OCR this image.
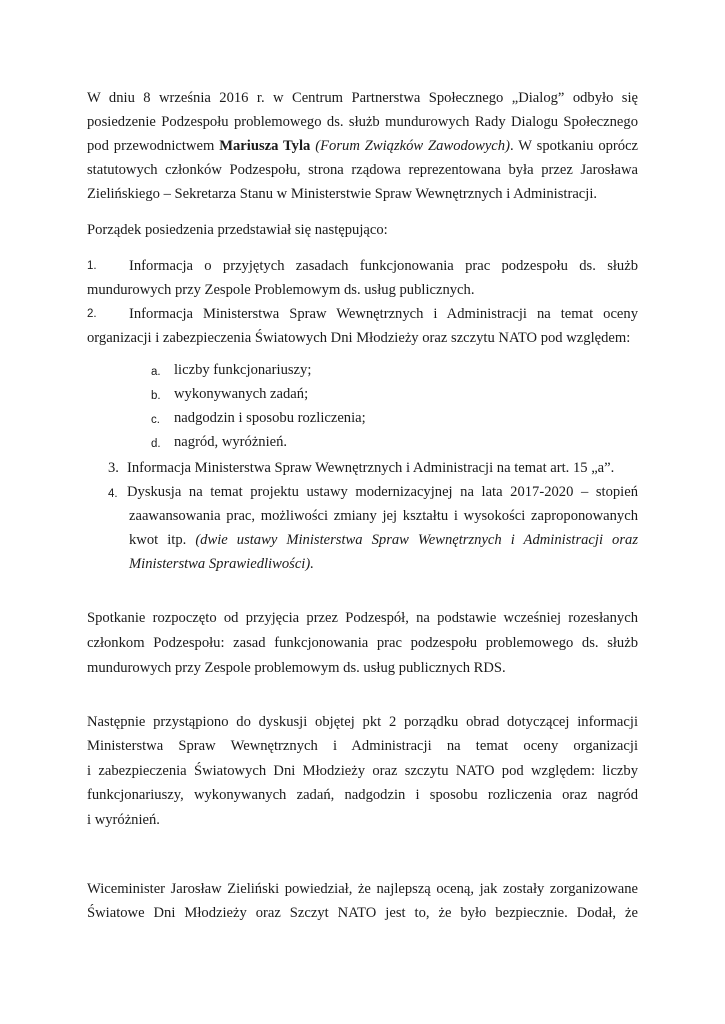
W dniu 8 września 2016 r. w Centrum Partnerstwa Społecznego „Dialog” odbyło się
posiedzenie Podzespołu problemowego ds. służb mundurowych Rady Dialogu Społecznego
pod przewodnictwem Mariusza Tyla (Forum Związków Zawodowych). W spotkaniu oprócz
statutowych członków Podzespołu, strona rządowa reprezentowana była przez Jarosława
Zielińskiego – Sekretarza Stanu w Ministerstwie Spraw Wewnętrznych i Administracji.
Porządek posiedzenia przedstawiał się następująco:
1. Informacja o przyjętych zasadach funkcjonowania prac podzespołu ds. służb
mundurowych przy Zespole Problemowym ds. usług publicznych.
2. Informacja Ministerstwa Spraw Wewnętrznych i Administracji na temat oceny
organizacji i zabezpieczenia Światowych Dni Młodzieży oraz szczytu NATO pod względem:
a. liczby funkcjonariuszy;
b. wykonywanych zadań;
c. nadgodzin i sposobu rozliczenia;
d. nagród, wyróżnień.
3. Informacja Ministerstwa Spraw Wewnętrznych i Administracji na temat art. 15 „a”.
4. Dyskusja na temat projektu ustawy modernizacyjnej na lata 2017-2020 – stopień
zaawansowania prac, możliwości zmiany jej kształtu i wysokości zaproponowanych
kwot itp. (dwie ustawy Ministerstwa Spraw Wewnętrznych i Administracji oraz
Ministerstwa Sprawiedliwości).
Spotkanie rozpoczęto od przyjęcia przez Podzespół, na podstawie wcześniej rozesłanych
członkom Podzespołu: zasad funkcjonowania prac podzespołu problemowego ds. służb
mundurowych przy Zespole problemowym ds. usług publicznych RDS.
Następnie przystąpiono do dyskusji objętej pkt 2 porządku obrad dotyczącej informacji
Ministerstwa Spraw Wewnętrznych i Administracji na temat oceny organizacji
i zabezpieczenia Światowych Dni Młodzieży oraz szczytu NATO pod względem: liczby
funkcjonariuszy, wykonywanych zadań, nadgodzin i sposobu rozliczenia oraz nagród
i wyróżnień.
Wiceminister Jarosław Zieliński powiedział, że najlepszą oceną, jak zostały zorganizowane
Światowe Dni Młodzieży oraz Szczyt NATO jest to, że było bezpiecznie. Dodał, że
